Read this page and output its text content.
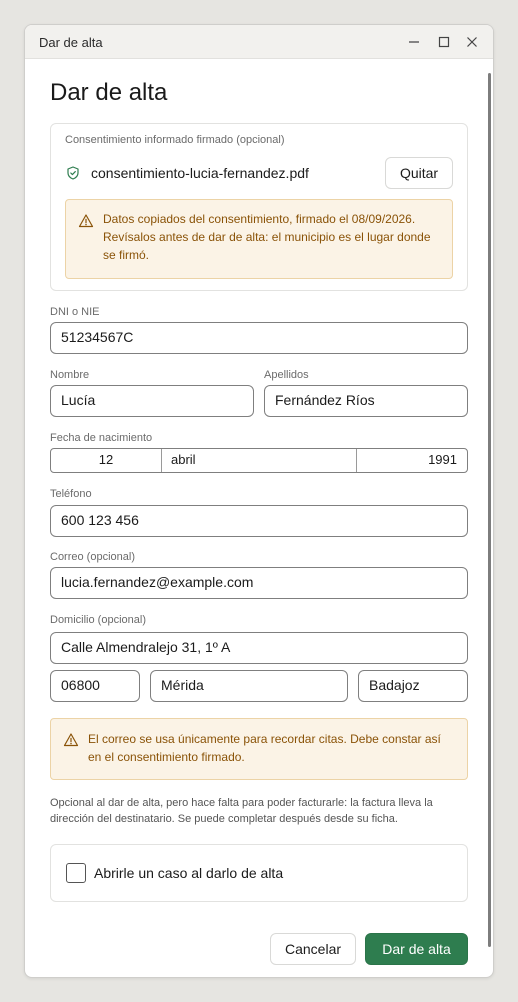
Dar de alta
Dar de alta
Consentimiento informado firmado (opcional)
consentimiento-lucia-fernandez.pdf	Quitar
Datos copiados del consentimiento, firmado el 08/09/2026. Revísalos antes de dar de alta: el municipio es el lugar donde se firmó.
DNI o NIE
51234567C
Nombre
Lucía
Apellidos
Fernández Ríos
Fecha de nacimiento
12	abril	1991
Teléfono
600 123 456
Correo (opcional)
lucia.fernandez@example.com
Domicilio (opcional)
Calle Almendralejo 31, 1º A
06800	Mérida	Badajoz
El correo se usa únicamente para recordar citas. Debe constar así en el consentimiento firmado.

Opcional al dar de alta, pero hace falta para poder facturarle: la factura lleva la dirección del destinatario. Se puede completar después desde su ficha.

Abrirle un caso al darlo de alta
Cancelar	Dar de alta
